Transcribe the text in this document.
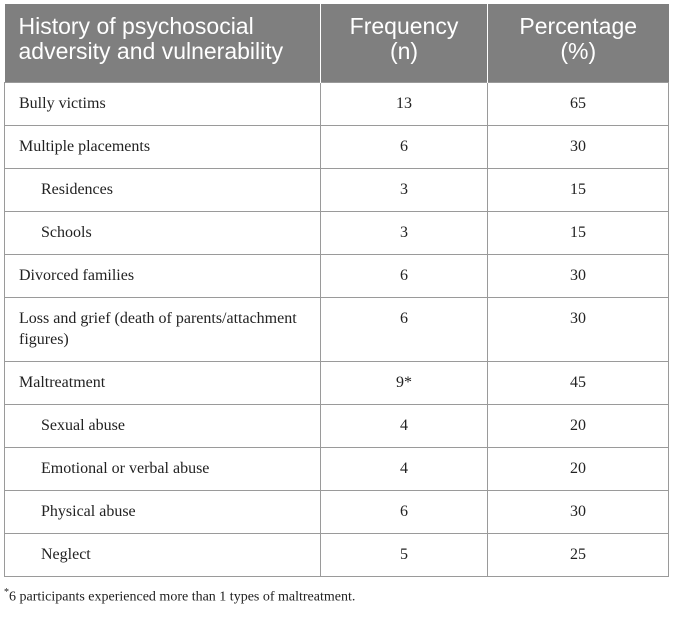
History of psychosocial adversity and vulnerability	Frequency (n)	Percentage (%)
Bully victims	13	65
Multiple placements	6	30
Residences	3	15
Schools	3	15
Divorced families	6	30
Loss and grief (death of parents/attachment figures)	6	30
Maltreatment	9*	45
Sexual abuse	4	20
Emotional or verbal abuse	4	20
Physical abuse	6	30
Neglect	5	25
*6 participants experienced more than 1 types of maltreatment.
